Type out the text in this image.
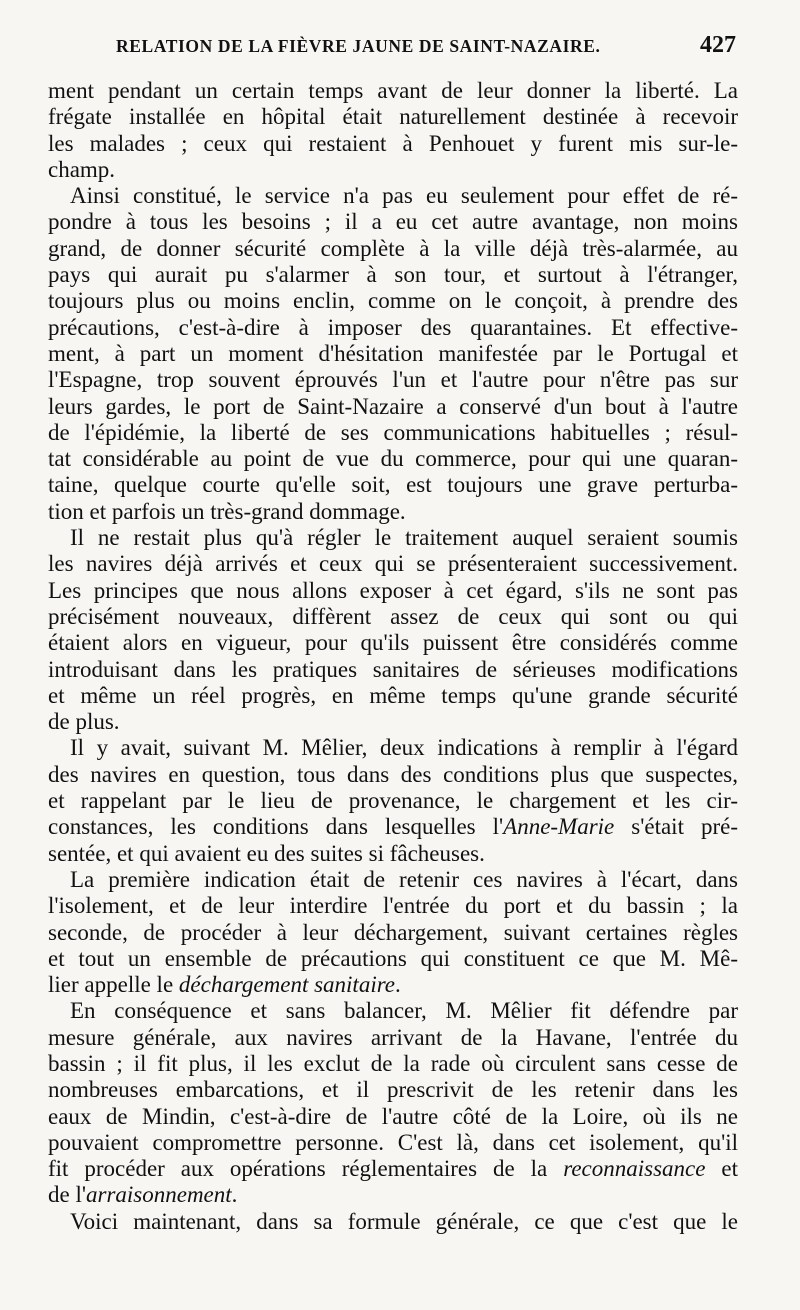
RELATION DE LA FIÈVRE JAUNE DE SAINT-NAZAIRE.	427
ment pendant un certain temps avant de leur donner la liberté. La
frégate installée en hôpital était naturellement destinée à recevoir
les malades ; ceux qui restaient à Penhouet y furent mis sur-le-
champ.
Ainsi constitué, le service n'a pas eu seulement pour effet de ré-
pondre à tous les besoins ; il a eu cet autre avantage, non moins
grand, de donner sécurité complète à la ville déjà très-alarmée, au
pays qui aurait pu s'alarmer à son tour, et surtout à l'étranger,
toujours plus ou moins enclin, comme on le conçoit, à prendre des
précautions, c'est-à-dire à imposer des quarantaines. Et effective-
ment, à part un moment d'hésitation manifestée par le Portugal et
l'Espagne, trop souvent éprouvés l'un et l'autre pour n'être pas sur
leurs gardes, le port de Saint-Nazaire a conservé d'un bout à l'autre
de l'épidémie, la liberté de ses communications habituelles ; résul-
tat considérable au point de vue du commerce, pour qui une quaran-
taine, quelque courte qu'elle soit, est toujours une grave perturba-
tion et parfois un très-grand dommage.
Il ne restait plus qu'à régler le traitement auquel seraient soumis
les navires déjà arrivés et ceux qui se présenteraient successivement.
Les principes que nous allons exposer à cet égard, s'ils ne sont pas
précisément nouveaux, diffèrent assez de ceux qui sont ou qui
étaient alors en vigueur, pour qu'ils puissent être considérés comme
introduisant dans les pratiques sanitaires de sérieuses modifications
et même un réel progrès, en même temps qu'une grande sécurité
de plus.
Il y avait, suivant M. Mêlier, deux indications à remplir à l'égard
des navires en question, tous dans des conditions plus que suspectes,
et rappelant par le lieu de provenance, le chargement et les cir-
constances, les conditions dans lesquelles l'Anne-Marie s'était pré-
sentée, et qui avaient eu des suites si fâcheuses.
La première indication était de retenir ces navires à l'écart, dans
l'isolement, et de leur interdire l'entrée du port et du bassin ; la
seconde, de procéder à leur déchargement, suivant certaines règles
et tout un ensemble de précautions qui constituent ce que M. Mê-
lier appelle le déchargement sanitaire.
En conséquence et sans balancer, M. Mêlier fit défendre par
mesure générale, aux navires arrivant de la Havane, l'entrée du
bassin ; il fit plus, il les exclut de la rade où circulent sans cesse de
nombreuses embarcations, et il prescrivit de les retenir dans les
eaux de Mindin, c'est-à-dire de l'autre côté de la Loire, où ils ne
pouvaient compromettre personne. C'est là, dans cet isolement, qu'il
fit procéder aux opérations réglementaires de la reconnaissance et
de l'arraisonnement.
Voici maintenant, dans sa formule générale, ce que c'est que le
